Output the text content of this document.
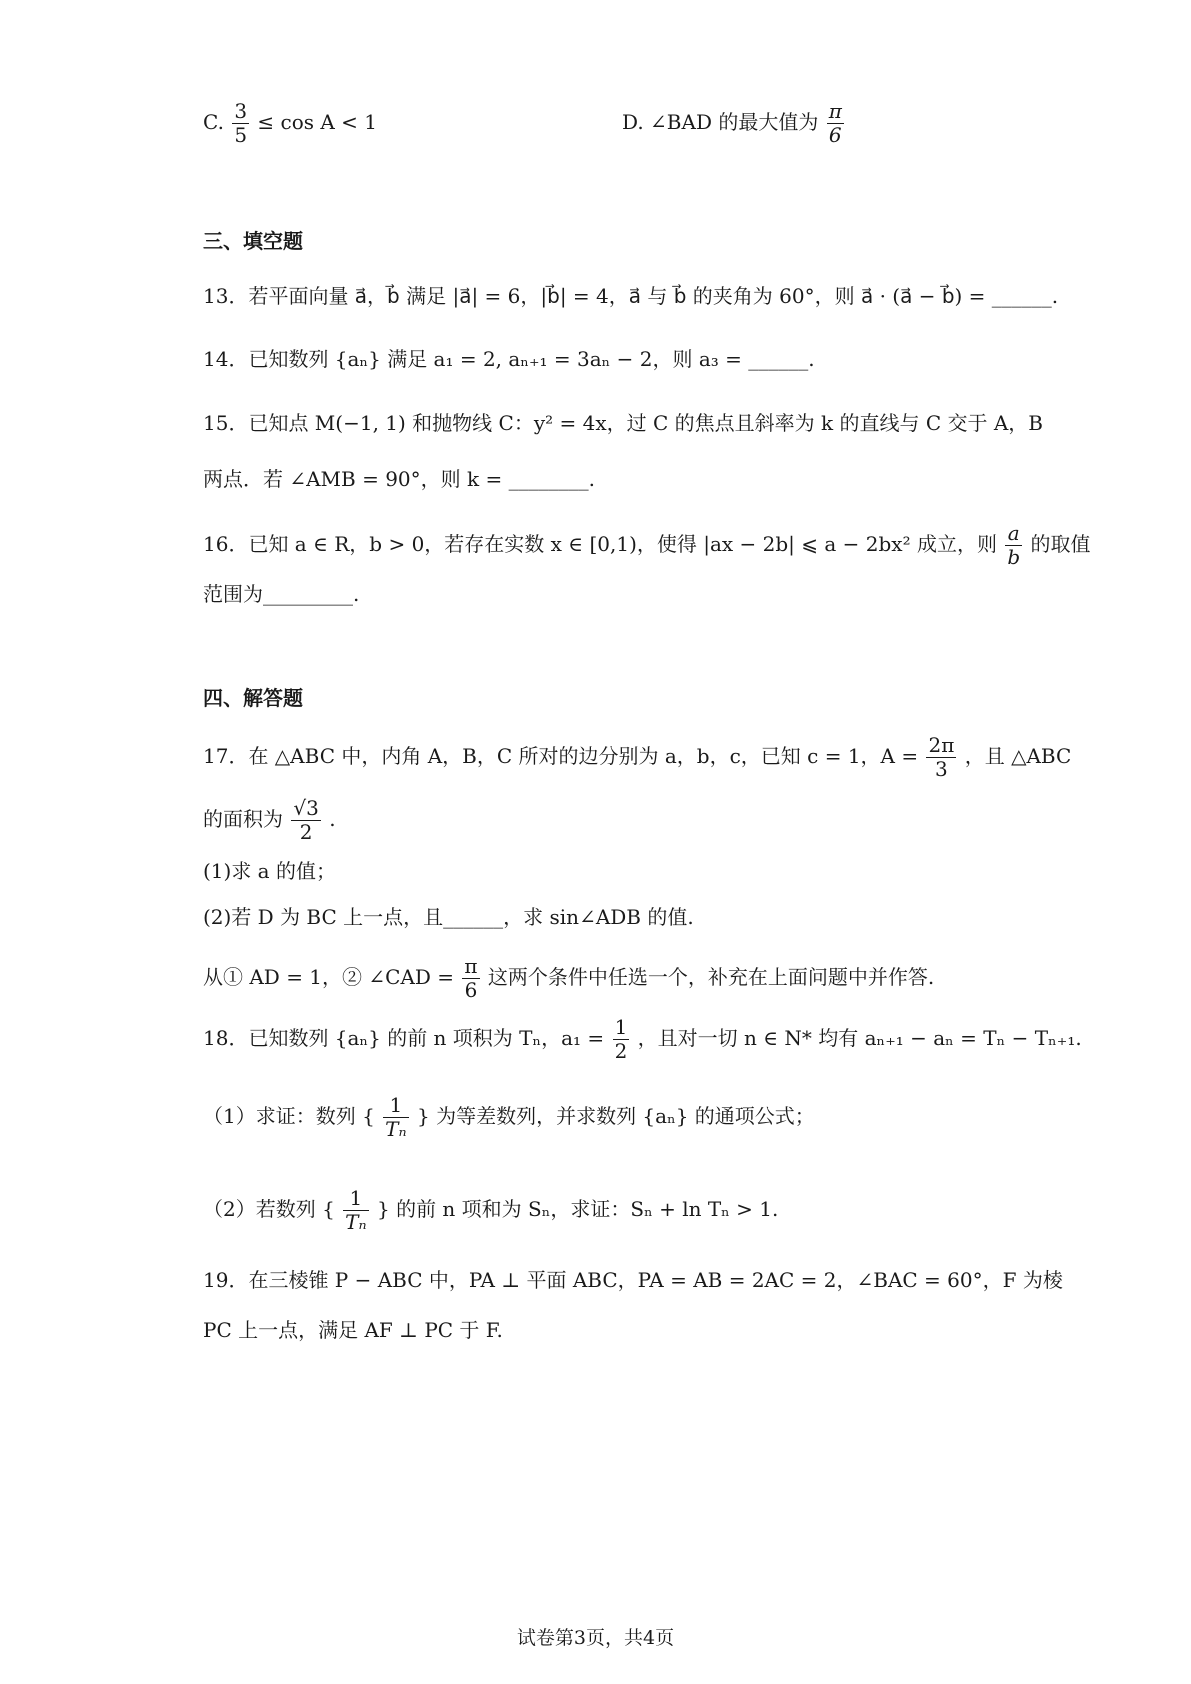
C. $\frac{3}{5} \le \cos A < 1$	D. ∠BAD 的最大值为 $\frac{\pi}{6}$
三、填空题
13．若平面向量 a⃗，b⃗ 满足 |a⃗| = 6，|b⃗| = 4，a⃗ 与 b⃗ 的夹角为 60°，则 a⃗ · (a⃗ − b⃗) = ______.
14．已知数列 {aₙ} 满足 a₁ = 2, aₙ₊₁ = 3aₙ − 2，则 a₃ = ______.
15．已知点 M(−1, 1) 和抛物线 C：y² = 4x，过 C 的焦点且斜率为 k 的直线与 C 交于 A，B
两点．若 ∠AMB = 90°，则 k = ________.
16．已知 a ∈ R，b > 0，若存在实数 x ∈ [0,1)，使得 |ax − 2b| ⩽ a − 2bx² 成立，则 $\frac{a}{b}$ 的取值
范围为_________.
四、解答题
17．在 △ABC 中，内角 A，B，C 所对的边分别为 a，b，c，已知 c = 1，$A = \frac{2\pi}{3}$ ，且 △ABC
的面积为 $\frac{√3}{2}$ .
(1)求 a 的值；
(2)若 D 为 BC 上一点，且______，求 sin∠ADB 的值.
从① AD = 1，② ∠CAD = $\frac{\pi}{6}$ 这两个条件中任选一个，补充在上面问题中并作答.
18．已知数列 {aₙ} 的前 n 项积为 Tₙ，$a_1 = \frac{1}{2}$ ，且对一切 n ∈ N* 均有 aₙ₊₁ − aₙ = Tₙ − Tₙ₊₁.
（1）求证：数列 { $\frac{1}{\text{Tₙ}}$ } 为等差数列，并求数列 {aₙ} 的通项公式；
（2）若数列 { $\frac{1}{\text{Tₙ}}$ } 的前 n 项和为 Sₙ，求证：Sₙ + ln Tₙ > 1.
19．在三棱锥 P − ABC 中，PA ⊥ 平面 ABC，PA = AB = 2AC = 2，∠BAC = 60°，F 为棱
PC 上一点，满足 AF ⊥ PC 于 F.
试卷第3页，共4页
